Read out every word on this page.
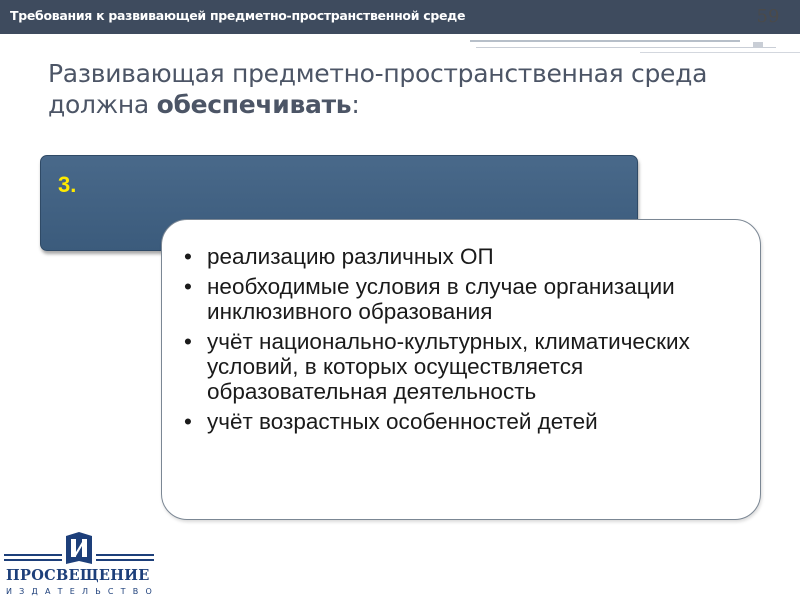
Требования к развивающей предметно-пространственной среде	59
Развивающая предметно-пространственная среда должна обеспечивать:
3.
• реализацию различных ОП
• необходимые условия в случае организации инклюзивного образования
• учёт национально-культурных, климатических условий, в которых осуществляется образовательная деятельность
• учёт возрастных особенностей детей
ПРОСВЕЩЕНИЕ
ИЗДАТЕЛЬСТВО
